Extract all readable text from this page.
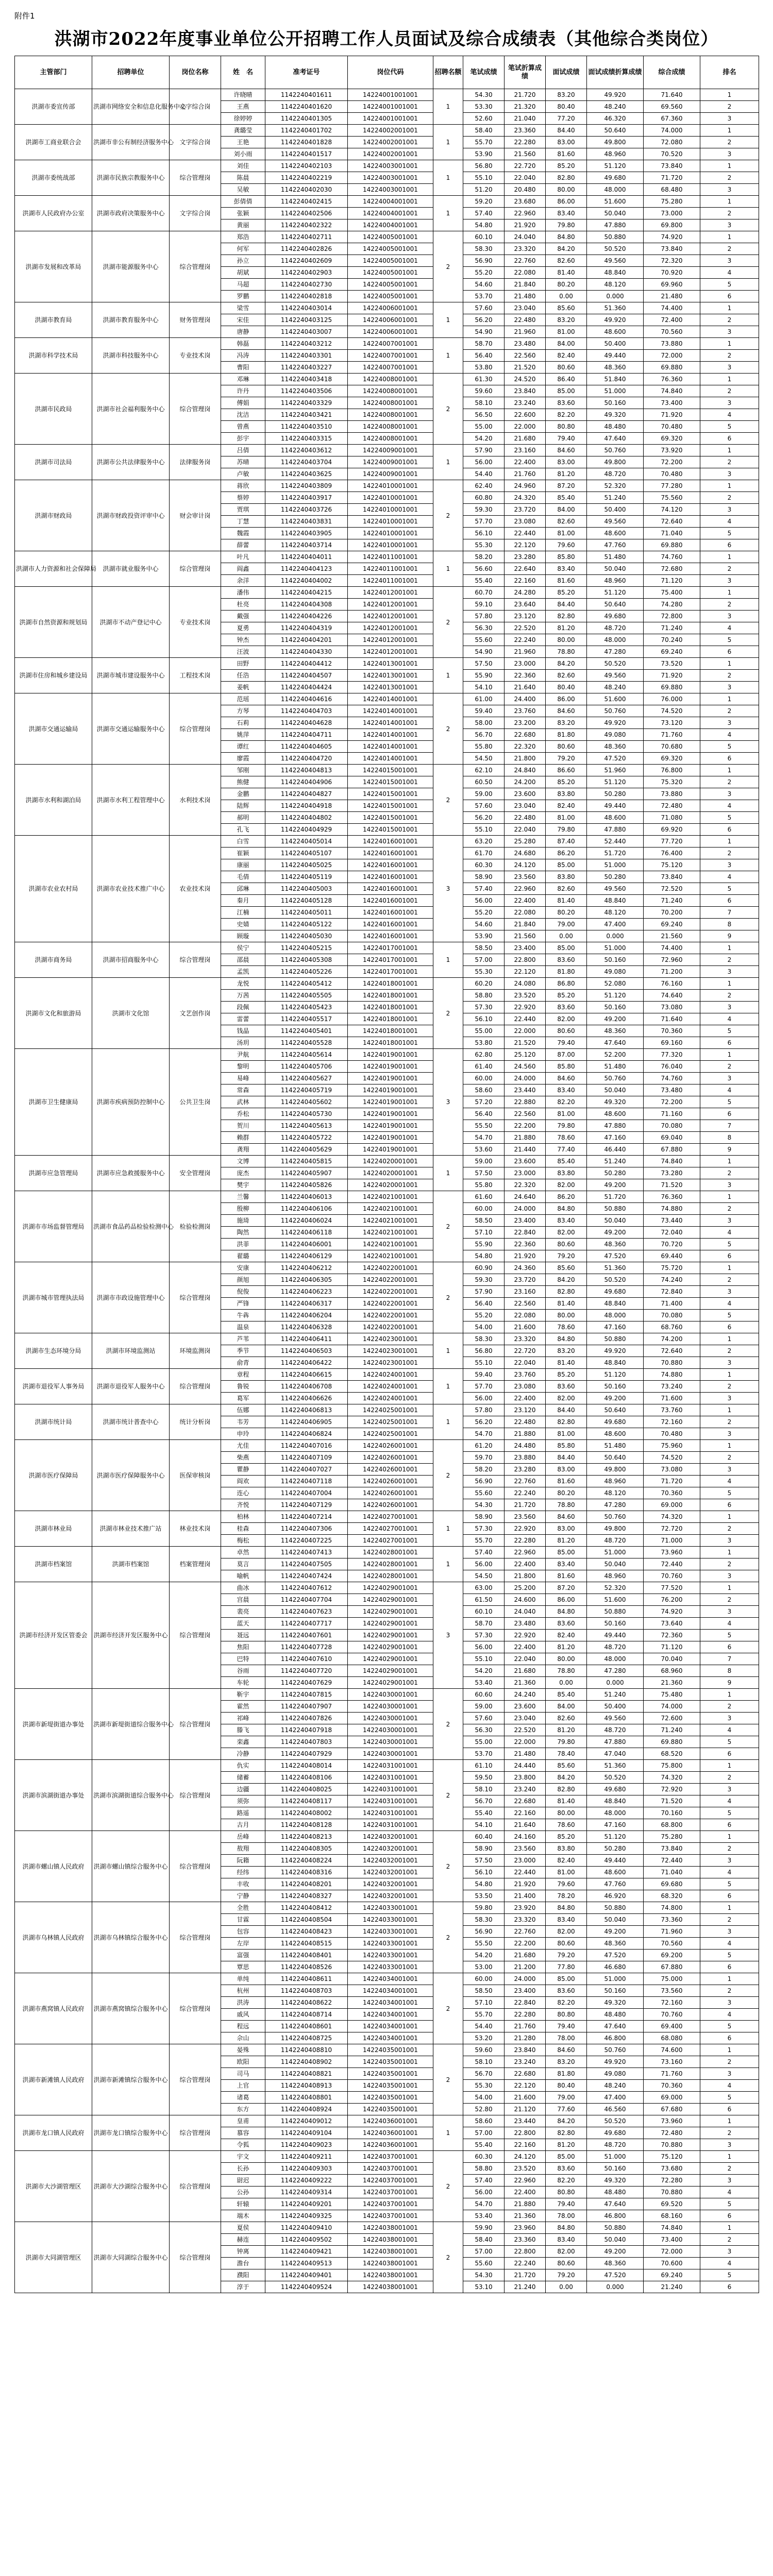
附件1
洪湖市2022年度事业单位公开招聘工作人员面试及综合成绩表（其他综合类岗位）
主管部门	招聘单位	岗位名称	姓　名	准考证号	岗位代码	招聘名额	笔试成绩	笔试折算成绩	面试成绩	面试成绩折算成绩	综合成绩	排名
洪湖市委宣传部	洪湖市网络安全和信息化服务中心	文字综合岗	许晓晴	1142240401611	14224001001001	1	54.30	21.720	83.20	49.920	71.640	1
			王燕	1142240401620	14224001001001		53.30	21.320	80.40	48.240	69.560	2
			徐婷婷	1142240401305	14224001001001		52.60	21.040	77.20	46.320	67.360	3
洪湖市工商业联合会	洪湖市非公有制经济服务中心	文字综合岗	龚璐莹	1142240401702	14224002001001	1	58.40	23.360	84.40	50.640	74.000	1
			王艳	1142240401828	14224002001001		55.70	22.280	83.00	49.800	72.080	2
			刘小雨	1142240401517	14224002001001		53.90	21.560	81.60	48.960	70.520	3
洪湖市委统战部	洪湖市民族宗教服务中心	综合管理岗	刘佳	1142240402103	14224003001001	1	56.80	22.720	85.20	51.120	73.840	1
			陈晨	1142240402219	14224003001001		55.10	22.040	82.80	49.680	71.720	2
			吴敏	1142240402030	14224003001001		51.20	20.480	80.00	48.000	68.480	3
洪湖市人民政府办公室	洪湖市政府决策服务中心	文字综合岗	彭倩倩	1142240402415	14224004001001	1	59.20	23.680	86.00	51.600	75.280	1
			张颖	1142240402506	14224004001001		57.40	22.960	83.40	50.040	73.000	2
			黄丽	1142240402322	14224004001001		54.80	21.920	79.80	47.880	69.800	3
洪湖市发展和改革局	洪湖市能源服务中心	综合管理岗	郑浩	1142240402711	14224005001001	2	60.10	24.040	84.80	50.880	74.920	1
			何军	1142240402826	14224005001001		58.30	23.320	84.20	50.520	73.840	2
			孙立	1142240402609	14224005001001		56.90	22.760	82.60	49.560	72.320	3
			胡斌	1142240402903	14224005001001		55.20	22.080	81.40	48.840	70.920	4
			马超	1142240402730	14224005001001		54.60	21.840	80.20	48.120	69.960	5
			罗鹏	1142240402818	14224005001001		53.70	21.480	0.00	0.000	21.480	6
洪湖市教育局	洪湖市教育服务中心	财务管理岗	梁雪	1142240403014	14224006001001	1	57.60	23.040	85.60	51.360	74.400	1
			宋佳	1142240403125	14224006001001		56.20	22.480	83.20	49.920	72.400	2
			唐静	1142240403007	14224006001001		54.90	21.960	81.00	48.600	70.560	3
洪湖市科学技术局	洪湖市科技服务中心	专业技术岗	韩磊	1142240403212	14224007001001	1	58.70	23.480	84.00	50.400	73.880	1
			冯涛	1142240403301	14224007001001		56.40	22.560	82.40	49.440	72.000	2
			曹阳	1142240403227	14224007001001		53.80	21.520	80.60	48.360	69.880	3
洪湖市民政局	洪湖市社会福利服务中心	综合管理岗	邓琳	1142240403418	14224008001001	2	61.30	24.520	86.40	51.840	76.360	1
			许丹	1142240403506	14224008001001		59.60	23.840	85.00	51.000	74.840	2
			傅娟	1142240403329	14224008001001		58.10	23.240	83.60	50.160	73.400	3
			沈洁	1142240403421	14224008001001		56.50	22.600	82.20	49.320	71.920	4
			曾燕	1142240403510	14224008001001		55.00	22.000	80.80	48.480	70.480	5
			彭宇	1142240403315	14224008001001		54.20	21.680	79.40	47.640	69.320	6
洪湖市司法局	洪湖市公共法律服务中心	法律服务岗	吕倩	1142240403612	14224009001001	1	57.90	23.160	84.60	50.760	73.920	1
			苏晴	1142240403704	14224009001001		56.00	22.400	83.00	49.800	72.200	2
			卢敏	1142240403625	14224009001001		54.40	21.760	81.20	48.720	70.480	3
洪湖市财政局	洪湖市财政投资评审中心	财会审计岗	蒋欣	1142240403809	14224010001001	2	62.40	24.960	87.20	52.320	77.280	1
			蔡婷	1142240403917	14224010001001		60.80	24.320	85.40	51.240	75.560	2
			贾琪	1142240403726	14224010001001		59.30	23.720	84.00	50.400	74.120	3
			丁慧	1142240403831	14224010001001		57.70	23.080	82.60	49.560	72.640	4
			魏霞	1142240403905	14224010001001		56.10	22.440	81.00	48.600	71.040	5
			薛蕾	1142240403714	14224010001001		55.30	22.120	79.60	47.760	69.880	6
洪湖市人力资源和社会保障局	洪湖市就业服务中心	综合管理岗	叶凡	1142240404011	14224011001001	1	58.20	23.280	85.80	51.480	74.760	1
			阎鑫	1142240404123	14224011001001		56.60	22.640	83.40	50.040	72.680	2
			余洋	1142240404002	14224011001001		55.40	22.160	81.60	48.960	71.120	3
洪湖市自然资源和规划局	洪湖市不动产登记中心	专业技术岗	潘伟	1142240404215	14224012001001	2	60.70	24.280	85.20	51.120	75.400	1
			杜亮	1142240404308	14224012001001		59.10	23.640	84.40	50.640	74.280	2
			戴强	1142240404226	14224012001001		57.80	23.120	82.80	49.680	72.800	3
			夏勇	1142240404319	14224012001001		56.30	22.520	81.20	48.720	71.240	4
			钟杰	1142240404201	14224012001001		55.60	22.240	80.00	48.000	70.240	5
			汪波	1142240404330	14224012001001		54.90	21.960	78.80	47.280	69.240	6
洪湖市住房和城乡建设局	洪湖市城市建设服务中心	工程技术岗	田野	1142240404412	14224013001001	1	57.50	23.000	84.20	50.520	73.520	1
			任浩	1142240404507	14224013001001		55.90	22.360	82.60	49.560	71.920	2
			姜帆	1142240404424	14224013001001		54.10	21.640	80.40	48.240	69.880	3
洪湖市交通运输局	洪湖市交通运输服务中心	综合管理岗	范瑶	1142240404616	14224014001001	2	61.00	24.400	86.00	51.600	76.000	1
			方琴	1142240404703	14224014001001		59.40	23.760	84.60	50.760	74.520	2
			石莉	1142240404628	14224014001001		58.00	23.200	83.20	49.920	73.120	3
			姚萍	1142240404711	14224014001001		56.70	22.680	81.80	49.080	71.760	4
			谭红	1142240404605	14224014001001		55.80	22.320	80.60	48.360	70.680	5
			廖霞	1142240404720	14224014001001		54.50	21.800	79.20	47.520	69.320	6
洪湖市水利和湖泊局	洪湖市水利工程管理中心	水利技术岗	邹刚	1142240404813	14224015001001	2	62.10	24.840	86.60	51.960	76.800	1
			熊健	1142240404906	14224015001001		60.50	24.200	85.20	51.120	75.320	2
			金鹏	1142240404827	14224015001001		59.00	23.600	83.80	50.280	73.880	3
			陆辉	1142240404918	14224015001001		57.60	23.040	82.40	49.440	72.480	4
			郝明	1142240404802	14224015001001		56.20	22.480	81.00	48.600	71.080	5
			孔飞	1142240404929	14224015001001		55.10	22.040	79.80	47.880	69.920	6
洪湖市农业农村局	洪湖市农业技术推广中心	农业技术岗	白雪	1142240405014	14224016001001	3	63.20	25.280	87.40	52.440	77.720	1
			崔颖	1142240405107	14224016001001		61.70	24.680	86.20	51.720	76.400	2
			康丽	1142240405025	14224016001001		60.30	24.120	85.00	51.000	75.120	3
			毛倩	1142240405119	14224016001001		58.90	23.560	83.80	50.280	73.840	4
			邱琳	1142240405003	14224016001001		57.40	22.960	82.60	49.560	72.520	5
			秦月	1142240405128	14224016001001		56.00	22.400	81.40	48.840	71.240	6
			江楠	1142240405011	14224016001001		55.20	22.080	80.20	48.120	70.200	7
			史婧	1142240405122	14224016001001		54.60	21.840	79.00	47.400	69.240	8
			顾璇	1142240405030	14224016001001		53.90	21.560	0.00	0.000	21.560	9
洪湖市商务局	洪湖市招商服务中心	综合管理岗	侯宁	1142240405215	14224017001001	1	58.50	23.400	85.00	51.000	74.400	1
			邵晨	1142240405308	14224017001001		57.00	22.800	83.60	50.160	72.960	2
			孟凯	1142240405226	14224017001001		55.30	22.120	81.80	49.080	71.200	3
洪湖市文化和旅游局	洪湖市文化馆	文艺创作岗	龙悦	1142240405412	14224018001001	2	60.20	24.080	86.80	52.080	76.160	1
			万茜	1142240405505	14224018001001		58.80	23.520	85.20	51.120	74.640	2
			段佩	1142240405423	14224018001001		57.30	22.920	83.60	50.160	73.080	3
			雷蕾	1142240405517	14224018001001		56.10	22.440	82.00	49.200	71.640	4
			钱晶	1142240405401	14224018001001		55.00	22.000	80.60	48.360	70.360	5
			汤玥	1142240405528	14224018001001		53.80	21.520	79.40	47.640	69.160	6
洪湖市卫生健康局	洪湖市疾病预防控制中心	公共卫生岗	尹航	1142240405614	14224019001001	3	62.80	25.120	87.00	52.200	77.320	1
			黎明	1142240405706	14224019001001		61.40	24.560	85.80	51.480	76.040	2
			易峰	1142240405627	14224019001001		60.00	24.000	84.60	50.760	74.760	3
			常森	1142240405719	14224019001001		58.60	23.440	83.40	50.040	73.480	4
			武林	1142240405602	14224019001001		57.20	22.880	82.20	49.320	72.200	5
			乔松	1142240405730	14224019001001		56.40	22.560	81.00	48.600	71.160	6
			贺川	1142240405613	14224019001001		55.50	22.200	79.80	47.880	70.080	7
			赖群	1142240405722	14224019001001		54.70	21.880	78.60	47.160	69.040	8
			龚翔	1142240405629	14224019001001		53.60	21.440	77.40	46.440	67.880	9
洪湖市应急管理局	洪湖市应急救援服务中心	安全管理岗	文博	1142240405815	14224020001001	1	59.00	23.600	85.40	51.240	74.840	1
			庞杰	1142240405907	14224020001001		57.50	23.000	83.80	50.280	73.280	2
			樊宇	1142240405826	14224020001001		55.80	22.320	82.00	49.200	71.520	3
洪湖市市场监督管理局	洪湖市食品药品检验检测中心	检验检测岗	兰馨	1142240406013	14224021001001	2	61.60	24.640	86.20	51.720	76.360	1
			殷柳	1142240406106	14224021001001		60.00	24.000	84.80	50.880	74.880	2
			施琦	1142240406024	14224021001001		58.50	23.400	83.40	50.040	73.440	3
			陶然	1142240406118	14224021001001		57.10	22.840	82.00	49.200	72.040	4
			洪菲	1142240406001	14224021001001		55.90	22.360	80.60	48.360	70.720	5
			翟璐	1142240406129	14224021001001		54.80	21.920	79.20	47.520	69.440	6
洪湖市城市管理执法局	洪湖市市政设施管理中心	综合管理岗	安康	1142240406212	14224022001001	2	60.90	24.360	85.60	51.360	75.720	1
			颜旭	1142240406305	14224022001001		59.30	23.720	84.20	50.520	74.240	2
			倪俊	1142240406223	14224022001001		57.90	23.160	82.80	49.680	72.840	3
			严锋	1142240406317	14224022001001		56.40	22.560	81.40	48.840	71.400	4
			牛犇	1142240406204	14224022001001		55.20	22.080	80.00	48.000	70.080	5
			温泉	1142240406328	14224022001001		54.00	21.600	78.60	47.160	68.760	6
洪湖市生态环境分局	洪湖市环境监测站	环境监测岗	芦苇	1142240406411	14224023001001	1	58.30	23.320	84.80	50.880	74.200	1
			季节	1142240406503	14224023001001		56.80	22.720	83.20	49.920	72.640	2
			俞青	1142240406422	14224023001001		55.10	22.040	81.40	48.840	70.880	3
洪湖市退役军人事务局	洪湖市退役军人服务中心	综合管理岗	章程	1142240406615	14224024001001	1	59.40	23.760	85.20	51.120	74.880	1
			鲁锐	1142240406708	14224024001001		57.70	23.080	83.60	50.160	73.240	2
			葛军	1142240406626	14224024001001		56.00	22.400	82.00	49.200	71.600	3
洪湖市统计局	洪湖市统计普查中心	统计分析岗	伍娜	1142240406813	14224025001001	1	57.80	23.120	84.40	50.640	73.760	1
			韦芳	1142240406905	14224025001001		56.20	22.480	82.80	49.680	72.160	2
			申玲	1142240406824	14224025001001		54.70	21.880	81.00	48.600	70.480	3
洪湖市医疗保障局	洪湖市医疗保障服务中心	医保审核岗	尤佳	1142240407016	14224026001001	2	61.20	24.480	85.80	51.480	75.960	1
			柴燕	1142240407109	14224026001001		59.70	23.880	84.40	50.640	74.520	2
			瞿静	1142240407027	14224026001001		58.20	23.280	83.00	49.800	73.080	3
			阎欢	1142240407118	14224026001001		56.90	22.760	81.60	48.960	71.720	4
			连心	1142240407004	14224026001001		55.60	22.240	80.20	48.120	70.360	5
			齐悦	1142240407129	14224026001001		54.30	21.720	78.80	47.280	69.000	6
洪湖市林业局	洪湖市林业技术推广站	林业技术岗	柏林	1142240407214	14224027001001	1	58.90	23.560	84.60	50.760	74.320	1
			桂森	1142240407306	14224027001001		57.30	22.920	83.00	49.800	72.720	2
			梅松	1142240407225	14224027001001		55.70	22.280	81.20	48.720	71.000	3
洪湖市档案馆	洪湖市档案馆	档案管理岗	卓然	1142240407413	14224028001001	1	57.40	22.960	85.00	51.000	73.960	1
			莫言	1142240407505	14224028001001		56.00	22.400	83.40	50.040	72.440	2
			喻帆	1142240407424	14224028001001		54.50	21.800	81.60	48.960	70.760	3
洪湖市经济开发区管委会	洪湖市经济开发区服务中心	综合管理岗	曲冰	1142240407612	14224029001001	3	63.00	25.200	87.20	52.320	77.520	1
			宫晨	1142240407704	14224029001001		61.50	24.600	86.00	51.600	76.200	2
			裴亮	1142240407623	14224029001001		60.10	24.040	84.80	50.880	74.920	3
			蓝天	1142240407717	14224029001001		58.70	23.480	83.60	50.160	73.640	4
			聂远	1142240407601	14224029001001		57.30	22.920	82.40	49.440	72.360	5
			焦阳	1142240407728	14224029001001		56.00	22.400	81.20	48.720	71.120	6
			巴特	1142240407610	14224029001001		55.10	22.040	80.00	48.000	70.040	7
			谷雨	1142240407720	14224029001001		54.20	21.680	78.80	47.280	68.960	8
			车轮	1142240407629	14224029001001		53.40	21.360	0.00	0.000	21.360	9
洪湖市新堤街道办事处	洪湖市新堤街道综合服务中心	综合管理岗	靳宇	1142240407815	14224030001001	2	60.60	24.240	85.40	51.240	75.480	1
			霍然	1142240407907	14224030001001		59.00	23.600	84.00	50.400	74.000	2
			祁峰	1142240407826	14224030001001		57.60	23.040	82.60	49.560	72.600	3
			滕飞	1142240407918	14224030001001		56.30	22.520	81.20	48.720	71.240	4
			栾鑫	1142240407803	14224030001001		55.00	22.000	79.80	47.880	69.880	5
			冷静	1142240407929	14224030001001		53.70	21.480	78.40	47.040	68.520	6
洪湖市滨湖街道办事处	洪湖市滨湖街道综合服务中心	综合管理岗	仇实	1142240408014	14224031001001	2	61.10	24.440	85.60	51.360	75.800	1
			储蓄	1142240408106	14224031001001		59.50	23.800	84.20	50.520	74.320	2
			边疆	1142240408025	14224031001001		58.10	23.240	82.80	49.680	72.920	3
			须弥	1142240408117	14224031001001		56.70	22.680	81.40	48.840	71.520	4
			路遥	1142240408002	14224031001001		55.40	22.160	80.00	48.000	70.160	5
			古月	1142240408128	14224031001001		54.10	21.640	78.60	47.160	68.800	6
洪湖市螺山镇人民政府	洪湖市螺山镇综合服务中心	综合管理岗	岳峰	1142240408213	14224032001001	2	60.40	24.160	85.20	51.120	75.280	1
			敖翔	1142240408305	14224032001001		58.90	23.560	83.80	50.280	73.840	2
			阮籍	1142240408224	14224032001001		57.50	23.000	82.40	49.440	72.440	3
			经纬	1142240408316	14224032001001		56.10	22.440	81.00	48.600	71.040	4
			丰收	1142240408201	14224032001001		54.80	21.920	79.60	47.760	69.680	5
			宁静	1142240408327	14224032001001		53.50	21.400	78.20	46.920	68.320	6
洪湖市乌林镇人民政府	洪湖市乌林镇综合服务中心	综合管理岗	全胜	1142240408412	14224033001001	2	59.80	23.920	84.80	50.880	74.800	1
			甘霖	1142240408504	14224033001001		58.30	23.320	83.40	50.040	73.360	2
			包容	1142240408423	14224033001001		56.90	22.760	82.00	49.200	71.960	3
			左岸	1142240408515	14224033001001		55.50	22.200	80.60	48.360	70.560	4
			富强	1142240408401	14224033001001		54.20	21.680	79.20	47.520	69.200	5
			覃思	1142240408526	14224033001001		53.00	21.200	77.80	46.680	67.880	6
洪湖市燕窝镇人民政府	洪湖市燕窝镇综合服务中心	综合管理岗	单纯	1142240408611	14224034001001	2	60.00	24.000	85.00	51.000	75.000	1
			杭州	1142240408703	14224034001001		58.50	23.400	83.60	50.160	73.560	2
			洪涛	1142240408622	14224034001001		57.10	22.840	82.20	49.320	72.160	3
			戚风	1142240408714	14224034001001		55.70	22.280	80.80	48.480	70.760	4
			程远	1142240408601	14224034001001		54.40	21.760	79.40	47.640	69.400	5
			佘山	1142240408725	14224034001001		53.20	21.280	78.00	46.800	68.080	6
洪湖市新滩镇人民政府	洪湖市新滩镇综合服务中心	综合管理岗	晏殊	1142240408810	14224035001001	2	59.60	23.840	84.60	50.760	74.600	1
			欧阳	1142240408902	14224035001001		58.10	23.240	83.20	49.920	73.160	2
			司马	1142240408821	14224035001001		56.70	22.680	81.80	49.080	71.760	3
			上官	1142240408913	14224035001001		55.30	22.120	80.40	48.240	70.360	4
			诸葛	1142240408801	14224035001001		54.00	21.600	79.00	47.400	69.000	5
			东方	1142240408924	14224035001001		52.80	21.120	77.60	46.560	67.680	6
洪湖市龙口镇人民政府	洪湖市龙口镇综合服务中心	综合管理岗	皇甫	1142240409012	14224036001001	1	58.60	23.440	84.20	50.520	73.960	1
			慕容	1142240409104	14224036001001		57.00	22.800	82.80	49.680	72.480	2
			令狐	1142240409023	14224036001001		55.40	22.160	81.20	48.720	70.880	3
洪湖市大沙湖管理区	洪湖市大沙湖综合服务中心	综合管理岗	宇文	1142240409211	14224037001001	2	60.30	24.120	85.00	51.000	75.120	1
			长孙	1142240409303	14224037001001		58.80	23.520	83.60	50.160	73.680	2
			尉迟	1142240409222	14224037001001		57.40	22.960	82.20	49.320	72.280	3
			公孙	1142240409314	14224037001001		56.00	22.400	80.80	48.480	70.880	4
			轩辕	1142240409201	14224037001001		54.70	21.880	79.40	47.640	69.520	5
			端木	1142240409325	14224037001001		53.40	21.360	78.00	46.800	68.160	6
洪湖市大同湖管理区	洪湖市大同湖综合服务中心	综合管理岗	夏侯	1142240409410	14224038001001	2	59.90	23.960	84.80	50.880	74.840	1
			赫连	1142240409502	14224038001001		58.40	23.360	83.40	50.040	73.400	2
			钟离	1142240409421	14224038001001		57.00	22.800	82.00	49.200	72.000	3
			澹台	1142240409513	14224038001001		55.60	22.240	80.60	48.360	70.600	4
			濮阳	1142240409401	14224038001001		54.30	21.720	79.20	47.520	69.240	5
			淳于	1142240409524	14224038001001		53.10	21.240	0.00	0.000	21.240	6
